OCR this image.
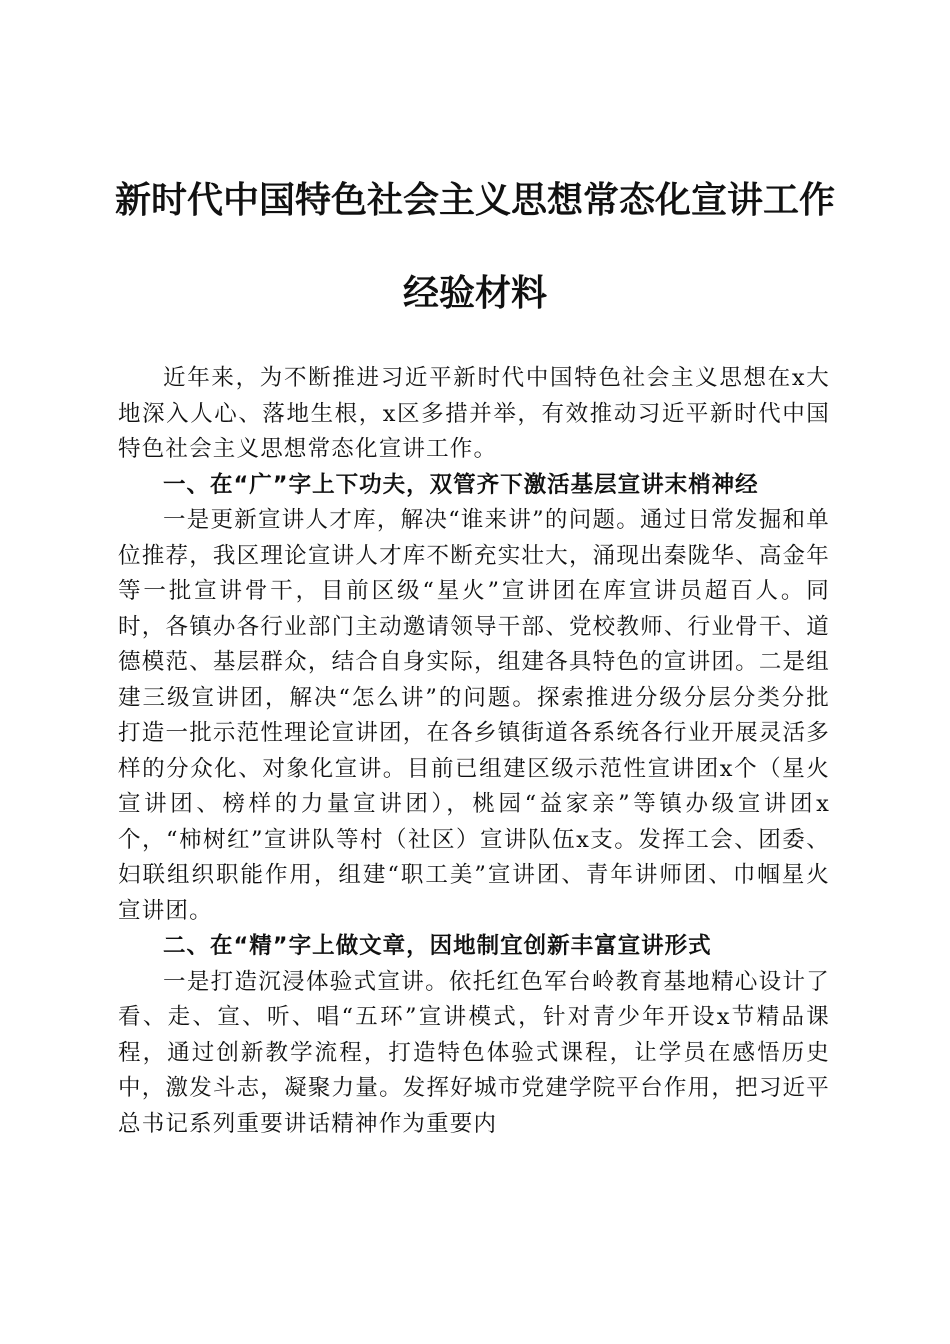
新时代中国特色社会主义思想常态化宣讲工作
经验材料

近年来，为不断推进习近平新时代中国特色社会主义思想在x大地深入人心、落地生根，x区多措并举，有效推动习近平新时代中国特色社会主义思想常态化宣讲工作。

一、在“广”字上下功夫，双管齐下激活基层宣讲末梢神经

一是更新宣讲人才库，解决“谁来讲”的问题。通过日常发掘和单位推荐，我区理论宣讲人才库不断充实壮大，涌现出秦陇华、高金年等一批宣讲骨干，目前区级“星火”宣讲团在库宣讲员超百人。同时，各镇办各行业部门主动邀请领导干部、党校教师、行业骨干、道德模范、基层群众，结合自身实际，组建各具特色的宣讲团。二是组建三级宣讲团，解决“怎么讲”的问题。探索推进分级分层分类分批打造一批示范性理论宣讲团，在各乡镇街道各系统各行业开展灵活多样的分众化、对象化宣讲。目前已组建区级示范性宣讲团x个（星火宣讲团、榜样的力量宣讲团），桃园“益家亲”等镇办级宣讲团x个，“柿树红”宣讲队等村（社区）宣讲队伍x支。发挥工会、团委、妇联组织职能作用，组建“职工美”宣讲团、青年讲师团、巾帼星火宣讲团。

二、在“精”字上做文章，因地制宜创新丰富宣讲形式

一是打造沉浸体验式宣讲。依托红色军台岭教育基地精心设计了看、走、宣、听、唱“五环”宣讲模式，针对青少年开设x节精品课程，通过创新教学流程，打造特色体验式课程，让学员在感悟历史中，激发斗志，凝聚力量。发挥好城市党建学院平台作用，把习近平总书记系列重要讲话精神作为重要内
